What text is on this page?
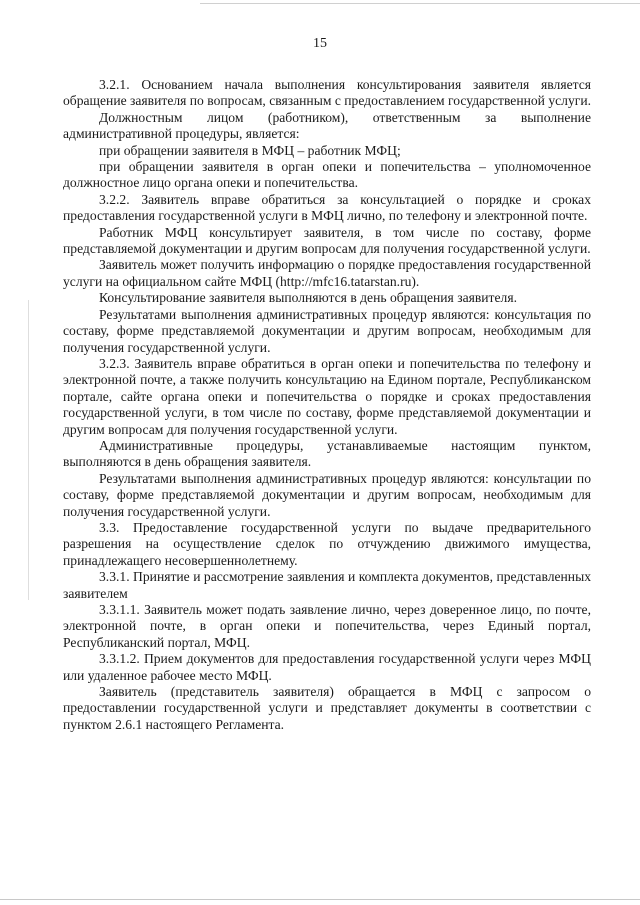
15

3.2.1. Основанием начала выполнения консультирования заявителя является обращение заявителя по вопросам, связанным с предоставлением государственной услуги.

Должностным лицом (работником), ответственным за выполнение административной процедуры, является:

при обращении заявителя в МФЦ – работник МФЦ;

при обращении заявителя в орган опеки и попечительства – уполномоченное должностное лицо органа опеки и попечительства.

3.2.2. Заявитель вправе обратиться за консультацией о порядке и сроках предоставления государственной услуги в МФЦ лично, по телефону и электронной почте.

Работник МФЦ консультирует заявителя, в том числе по составу, форме представляемой документации и другим вопросам для получения государственной услуги.

Заявитель может получить информацию о порядке предоставления государственной услуги на официальном сайте МФЦ (http://mfc16.tatarstan.ru).

Консультирование заявителя выполняются в день обращения заявителя.

Результатами выполнения административных процедур являются: консультация по составу, форме представляемой документации и другим вопросам, необходимым для получения государственной услуги.

3.2.3. Заявитель вправе обратиться в орган опеки и попечительства по телефону и электронной почте, а также получить консультацию на Едином портале, Республиканском портале, сайте органа опеки и попечительства о порядке и сроках предоставления государственной услуги, в том числе по составу, форме представляемой документации и другим вопросам для получения государственной услуги.

Административные процедуры, устанавливаемые настоящим пунктом, выполняются в день обращения заявителя.

Результатами выполнения административных процедур являются: консультации по составу, форме представляемой документации и другим вопросам, необходимым для получения государственной услуги.

3.3. Предоставление государственной услуги по выдаче предварительного разрешения на осуществление сделок по отчуждению движимого имущества, принадлежащего несовершеннолетнему.

3.3.1. Принятие и рассмотрение заявления и комплекта документов, представленных заявителем

3.3.1.1. Заявитель может подать заявление лично, через доверенное лицо, по почте, электронной почте, в орган опеки и попечительства, через Единый портал, Республиканский портал, МФЦ.

3.3.1.2. Прием документов для предоставления государственной услуги через МФЦ или удаленное рабочее место МФЦ.

Заявитель (представитель заявителя) обращается в МФЦ с запросом о предоставлении государственной услуги и представляет документы в соответствии с пунктом 2.6.1 настоящего Регламента.
